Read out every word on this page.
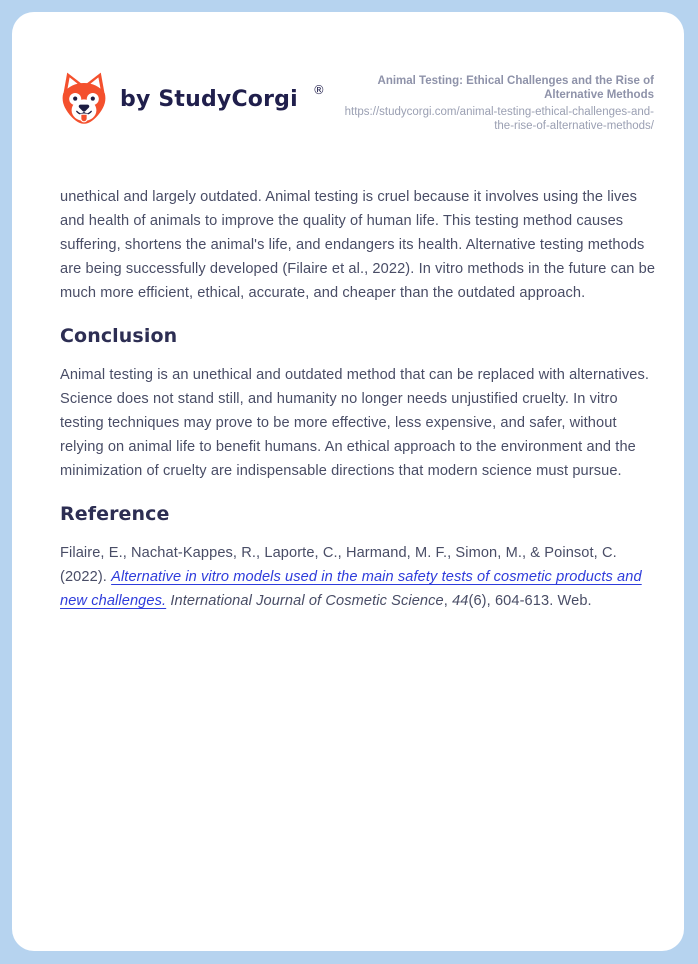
by StudyCorgi ®
Animal Testing: Ethical Challenges and the Rise of Alternative Methods
https://studycorgi.com/animal-testing-ethical-challenges-and-the-rise-of-alternative-methods/

unethical and largely outdated. Animal testing is cruel because it involves using the lives and health of animals to improve the quality of human life. This testing method causes suffering, shortens the animal's life, and endangers its health. Alternative testing methods are being successfully developed (Filaire et al., 2022). In vitro methods in the future can be much more efficient, ethical, accurate, and cheaper than the outdated approach.

Conclusion

Animal testing is an unethical and outdated method that can be replaced with alternatives. Science does not stand still, and humanity no longer needs unjustified cruelty. In vitro testing techniques may prove to be more effective, less expensive, and safer, without relying on animal life to benefit humans. An ethical approach to the environment and the minimization of cruelty are indispensable directions that modern science must pursue.

Reference

Filaire, E., Nachat-Kappes, R., Laporte, C., Harmand, M. F., Simon, M., & Poinsot, C. (2022). Alternative in vitro models used in the main safety tests of cosmetic products and new challenges. International Journal of Cosmetic Science, 44(6), 604-613. Web.
